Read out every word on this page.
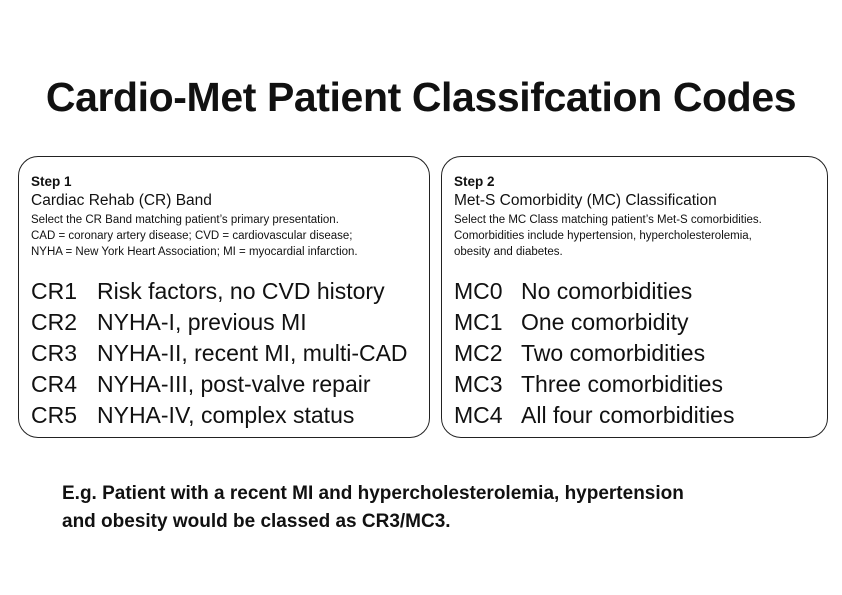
Cardio-Met Patient Classifcation Codes
Step 1
Cardiac Rehab (CR) Band
Select the CR Band matching patient’s primary presentation.
CAD = coronary artery disease; CVD = cardiovascular disease;
NYHA = New York Heart Association; MI = myocardial infarction.
CR1 Risk factors, no CVD history
CR2 NYHA-I, previous MI
CR3 NYHA-II, recent MI, multi-CAD
CR4 NYHA-III, post-valve repair
CR5 NYHA-IV, complex status
Step 2
Met-S Comorbidity (MC) Classification
Select the MC Class matching patient’s Met-S comorbidities.
Comorbidities include hypertension, hypercholesterolemia,
obesity and diabetes.
MC0 No comorbidities
MC1 One comorbidity
MC2 Two comorbidities
MC3 Three comorbidities
MC4 All four comorbidities
E.g. Patient with a recent MI and hypercholesterolemia, hypertension
and obesity would be classed as CR3/MC3.
